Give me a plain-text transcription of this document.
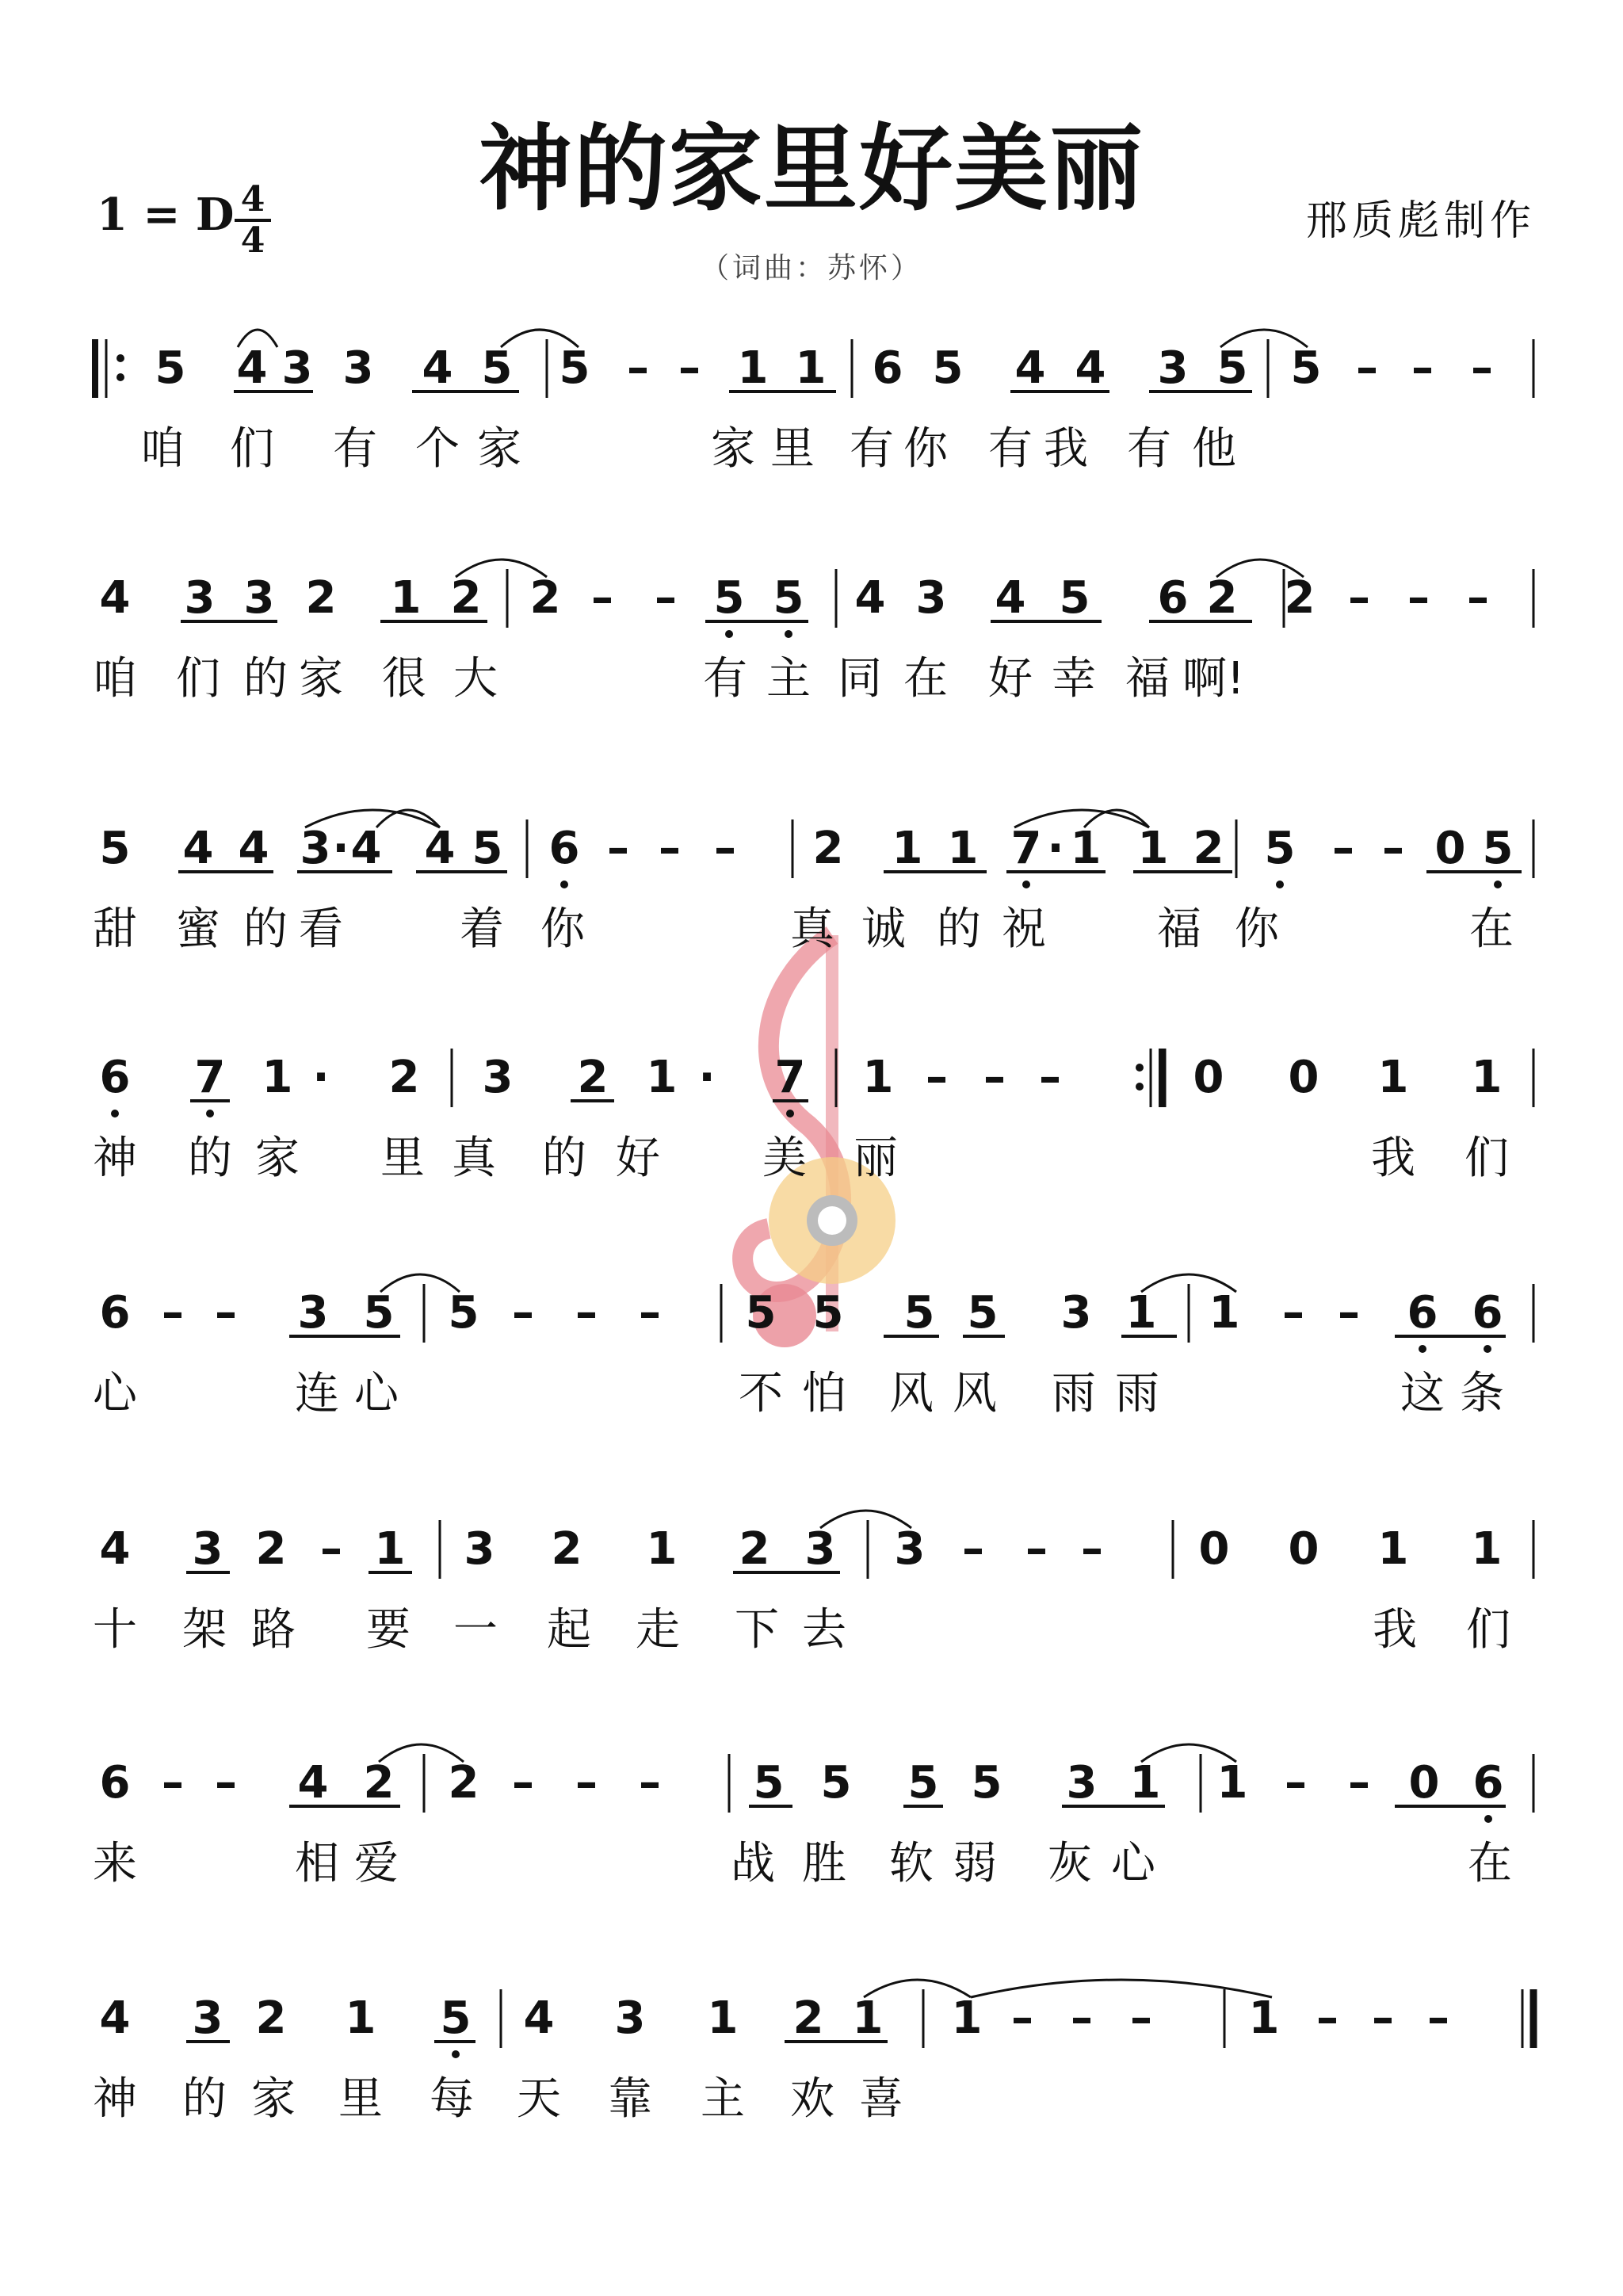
神的家里好美丽
1 = D 4
4	邢质彪制作
（词曲：苏怀）
5 4 3 3 4 5 5 – – 1 1 6 5 4 4 3 5 5 – – –
咱 们 有 个 家	家 里 有 你 有 我 有 他
4 3 3 2 1 2 2 – – 5 5 4 3 4 5 6 2 2 – – –
咱 们 的 家 很 大	有 主 同 在 好 幸 福 啊!
5 4 4 3 · 4 4 5 6 – – – 2 1 1 7 · 1 1 2 5 – – 0 5
甜 蜜 的 看	着 你	真 诚 的 祝	福 你	在
6 7 1 ·	2 3 2 1 ·	7 1 – – –	0 0 1 1
神 的 家 里 真 的 好 美 丽	我 们
6 – – 3 5 5 – – – 5 5 5 5 3 1 1 – – 6 6
心	连 心	不 怕 风 风 雨 雨	这 条
4 3 2 – 1 3 2 1 2 3 3 – – – 0 0 1 1
十 架 路 要 一 起 走 下 去	我 们
6 – – 4 2 2 – – – 5 5 5 5 3 1 1 – – 0 6
来	相 爱	战 胜 软 弱 灰 心	在
4 3 2 1 5 4 3 1 2 1 1 – – – 1 – – –
神 的 家 里 每 天 靠 主 欢 喜
